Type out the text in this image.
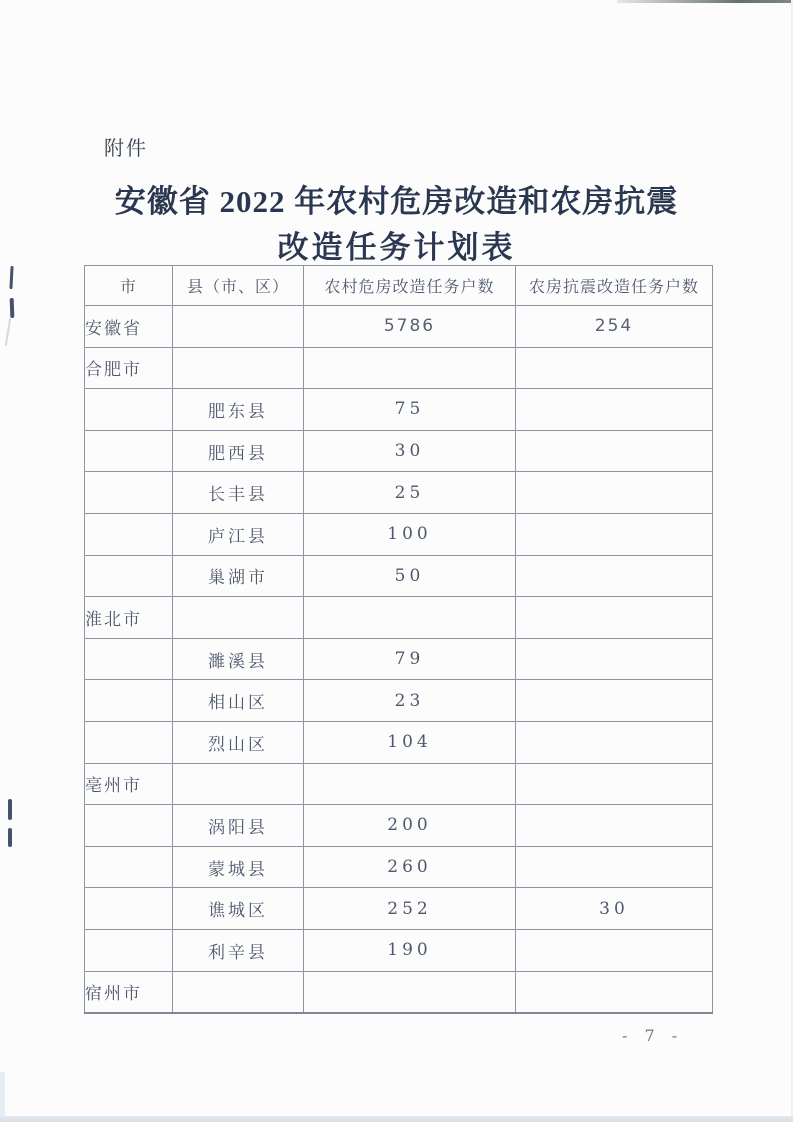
附件
安徽省 2022 年农村危房改造和农房抗震
改造任务计划表
市	县（市、区）	农村危房改造任务户数	农房抗震改造任务户数
安徽省		5786	254
合肥市			
	肥东县	75	
	肥西县	30	
	长丰县	25	
	庐江县	100	
	巢湖市	50	
淮北市			
	濉溪县	79	
	相山区	23	
	烈山区	104	
亳州市			
	涡阳县	200	
	蒙城县	260	
	谯城区	252	30
	利辛县	190	
宿州市			
- 7 -
